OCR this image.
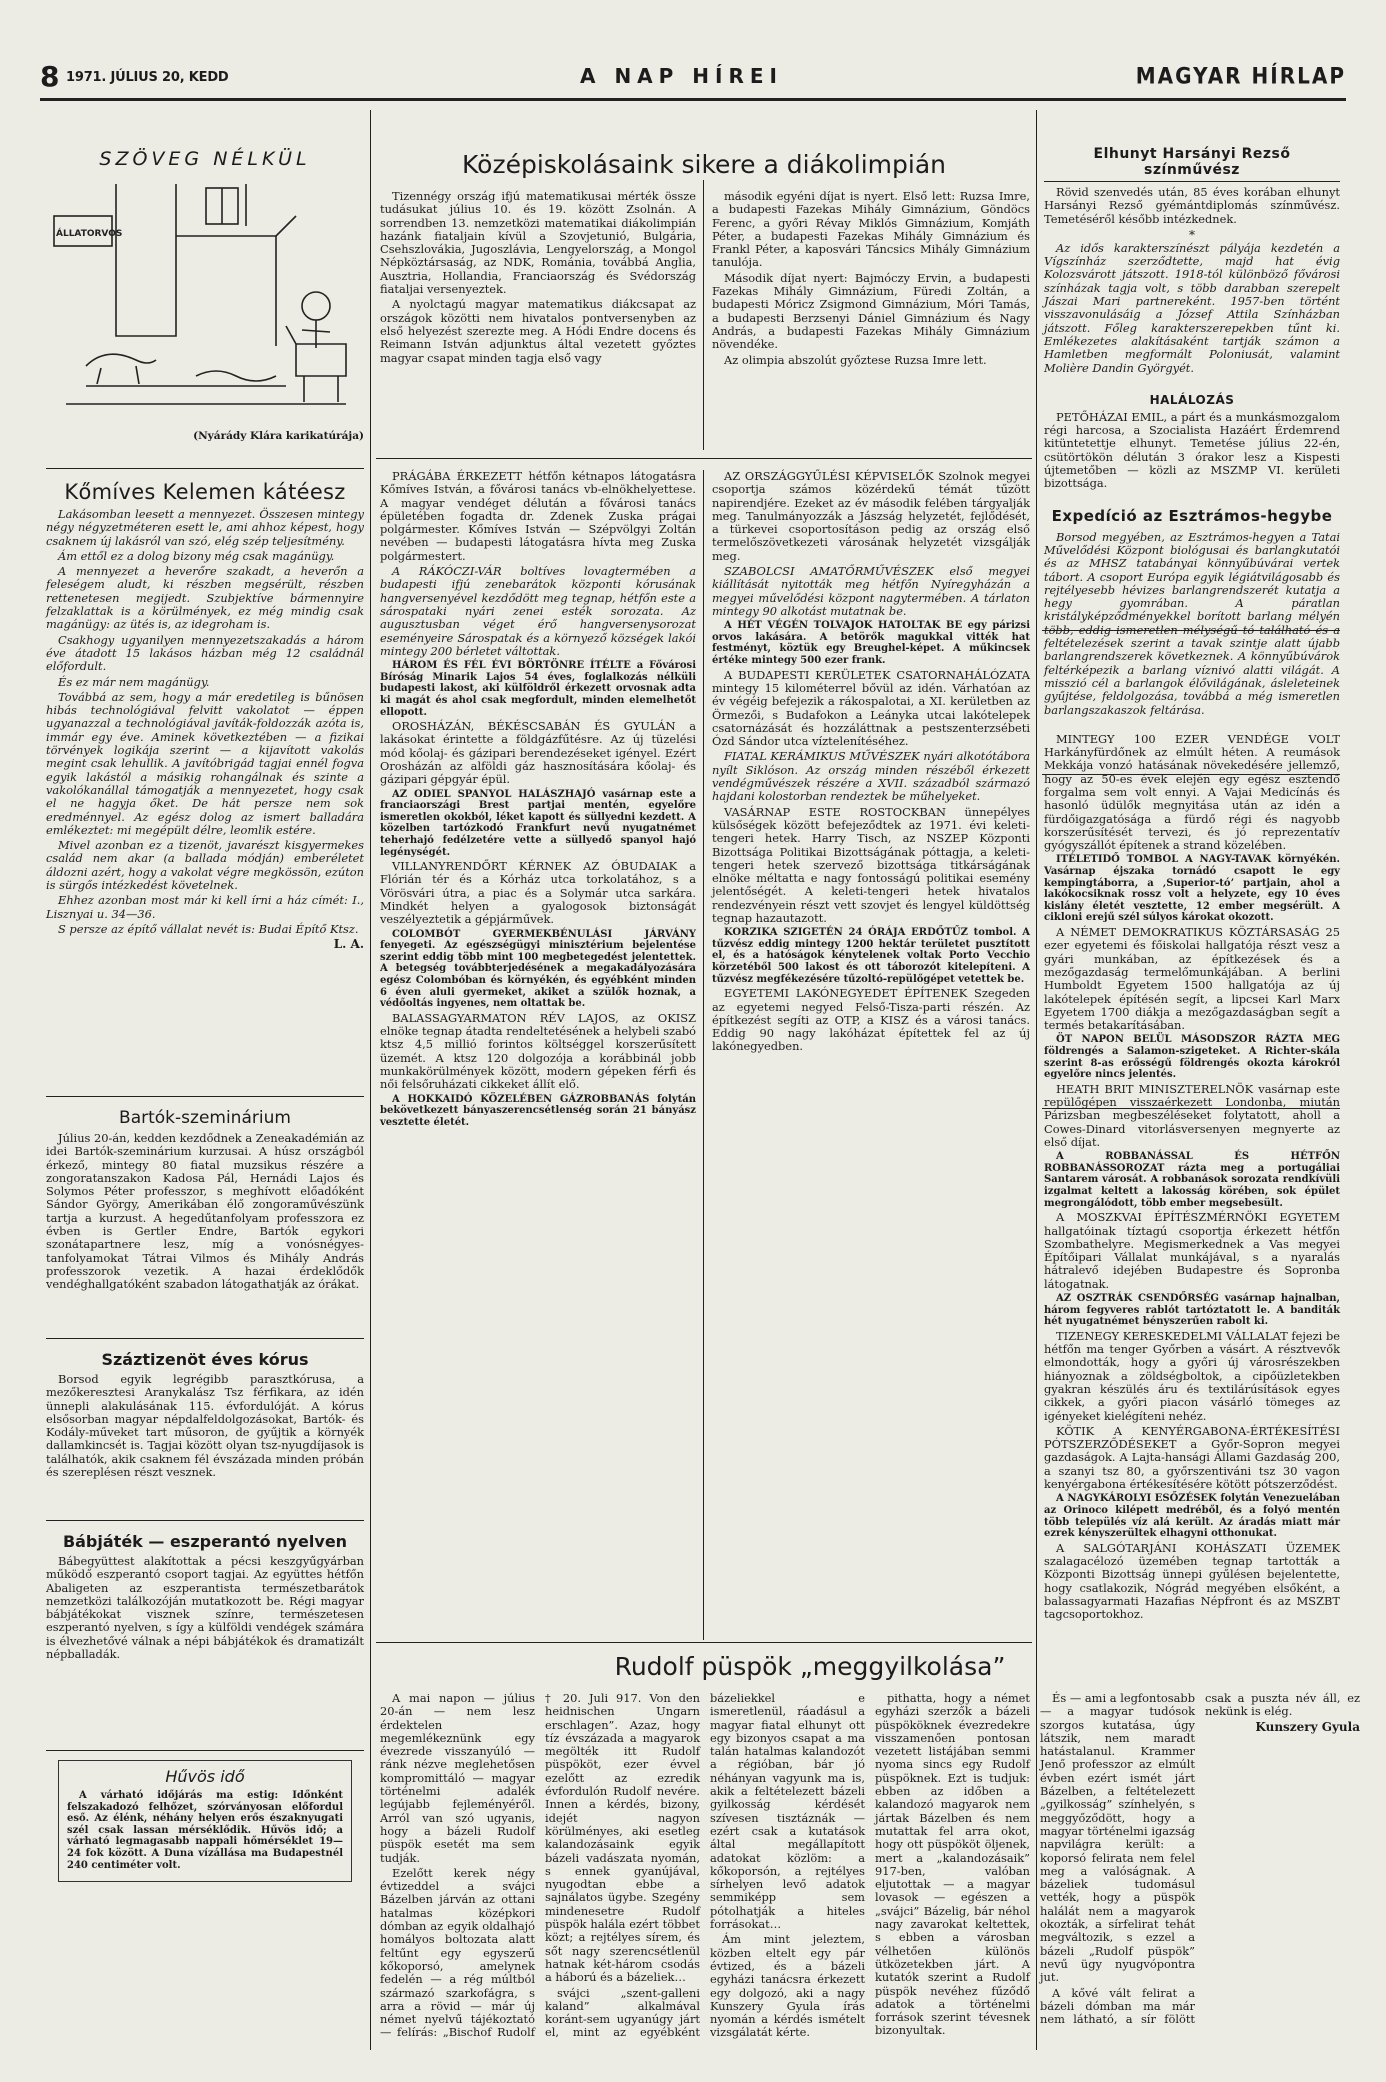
8 1971. JÚLIUS 20, KEDD	A NAP HÍREI	MAGYAR HÍRLAP
SZÖVEG NÉLKÜL
ÁLLATORVOS
(Nyárády Klára karikatúrája)
Kőmíves Kelemen kátéesz

Lakásomban leesett a mennyezet. Összesen mintegy négy négyzetméteren esett le, ami ahhoz képest, hogy csaknem új lakásról van szó, elég szép teljesítmény.

Ám ettől ez a dolog bizony még csak magánügy.

A mennyezet a heverőre szakadt, a heverőn a feleségem aludt, ki részben megsérült, részben rettenetesen megijedt. Szubjektíve bármennyire felzaklattak is a körülmények, ez még mindig csak magánügy: az ütés is, az idegroham is.

Csakhogy ugyanilyen mennyezetszakadás a három éve átadott 15 lakásos házban még 12 családnál előfordult.

És ez már nem magánügy.

Továbbá az sem, hogy a már eredetileg is bűnösen hibás technológiával felvitt vakolatot — éppen ugyanazzal a technológiával javíták-foldozzák azóta is, immár egy éve. Aminek következtében — a fizikai törvények logikája szerint — a kijavított vakolás megint csak lehullik. A javítóbrigád tagjai ennél fogva egyik lakástól a másikig rohangálnak és szinte a vakolókanállal támogatják a mennyezetet, hogy csak el ne hagyja őket. De hát persze nem sok eredménnyel. Az egész dolog az ismert balladára emlékeztet: mi megépült délre, leomlik estére.

Mivel azonban ez a tizenöt, javarészt kisgyermekes család nem akar (a ballada módján) emberéletet áldozni azért, hogy a vakolat végre megkössön, ezúton is sürgős intézkedést követelnek.

Ehhez azonban most már ki kell írni a ház címét: I., Lisznyai u. 34—36.

S persze az építő vállalat nevét is: Budai Építő Ktsz.

L. A.

Bartók-szeminárium

Július 20-án, kedden kezdődnek a Zeneakadémián az idei Bartók-szeminárium kurzusai. A húsz országból érkező, mintegy 80 fiatal muzsikus részére a zongoratanszakon Kadosa Pál, Hernádi Lajos és Solymos Péter professzor, s meghívott előadóként Sándor György, Amerikában élő zongoraművészünk tartja a kurzust. A hegedűtanfolyam professzora ez évben is Gertler Endre, Bartók egykori szonátapartnere lesz, míg a vonósnégyes-tanfolyamokat Tátrai Vilmos és Mihály András professzorok vezetik. A hazai érdeklődők vendéghallgatóként szabadon látogathatják az órákat.

Száztizenöt éves kórus

Borsod egyik legrégibb parasztkórusa, a mezőkeresztesi Aranykalász Tsz férfikara, az idén ünnepli alakulásának 115. évfordulóját. A kórus elsősorban magyar népdalfeldolgozásokat, Bartók- és Kodály-műveket tart műsoron, de gyűjtik a környék dallamkincsét is. Tagjai között olyan tsz-nyugdíjasok is találhatók, akik csaknem fél évszázada minden próbán és szereplésen részt vesznek.

Bábjáték — eszperantó nyelven

Bábegyüttest alakítottak a pécsi keszgyűgyárban működő eszperantó csoport tagjai. Az együttes hétfőn Abaligeten az eszperantista természetbarátok nemzetközi találkozóján mutatkozott be. Régi magyar bábjátékokat visznek színre, természetesen eszperantó nyelven, s így a külföldi vendégek számára is élvezhetővé válnak a népi bábjátékok és dramatizált népballadák.

Hűvös idő

A várható időjárás ma estig: Időnként felszakadozó felhőzet, szórványosan előfordul eső. Az élénk, néhány helyen erős északnyugati szél csak lassan mérséklődik. Hűvös idő; a várható legmagasabb nappali hőmérséklet 19—24 fok között. A Duna vízállása ma Budapestnél 240 centiméter volt.

Középiskolásaink sikere a diákolimpián

Tizennégy ország ifjú matematikusai mérték össze tudásukat július 10. és 19. között Zsolnán. A sorrendben 13. nemzetközi matematikai diákolimpián hazánk fiataljain kívül a Szovjetunió, Bulgária, Csehszlovákia, Jugoszlávia, Lengyelország, a Mongol Népköztársaság, az NDK, Románia, továbbá Anglia, Ausztria, Hollandia, Franciaország és Svédország fiataljai versenyeztek.

A nyolctagú magyar matematikus diákcsapat az országok közötti nem hivatalos pontversenyben az első helyezést szerezte meg. A Hódi Endre docens és Reimann István adjunktus által vezetett győztes magyar csapat minden tagja első vagy

második egyéni díjat is nyert. Első lett: Ruzsa Imre, a budapesti Fazekas Mihály Gimnázium, Göndöcs Ferenc, a győri Révay Miklós Gimnázium, Komjáth Péter, a budapesti Fazekas Mihály Gimnázium és Frankl Péter, a kaposvári Táncsics Mihály Gimnázium tanulója.

Második díjat nyert: Bajmóczy Ervin, a budapesti Fazekas Mihály Gimnázium, Füredi Zoltán, a budapesti Móricz Zsigmond Gimnázium, Móri Tamás, a budapesti Berzsenyi Dániel Gimnázium és Nagy András, a budapesti Fazekas Mihály Gimnázium növendéke.

Az olimpia abszolút győztese Ruzsa Imre lett.

PRÁGÁBA ÉRKEZETT hétfőn kétnapos látogatásra Kőmíves István, a fővárosi tanács vb-elnökhelyettese. A magyar vendéget délután a fővárosi tanács épületében fogadta dr. Zdenek Zuska prágai polgármester. Kőmíves István — Szépvölgyi Zoltán nevében — budapesti látogatásra hívta meg Zuska polgármestert.

A RÁKÓCZI-VÁR boltíves lovagtermében a budapesti ifjú zenebarátok központi kórusának hangversenyével kezdődött meg tegnap, hétfőn este a sárospataki nyári zenei esték sorozata. Az augusztusban véget érő hangversenysorozat eseményeire Sárospatak és a környező községek lakói mintegy 200 bérletet váltottak.

HÁROM ÉS FÉL ÉVI BÖRTÖNRE ÍTÉLTE a Fővárosi Bíróság Minarik Lajos 54 éves, foglalkozás nélküli budapesti lakost, aki külföldről érkezett orvosnak adta ki magát és ahol csak megfordult, minden elemelhetőt ellopott.

OROSHÁZÁN, BÉKÉSCSABÁN ÉS GYULÁN a lakásokat érintette a földgázfűtésre. Az új tüzelési mód kőolaj- és gázipari berendezéseket igényel. Ezért Orosházán az alföldi gáz hasznosítására kőolaj- és gázipari gépgyár épül.

AZ ODIEL SPANYOL HALÁSZHAJÓ vasárnap este a franciaországi Brest partjai mentén, egyelőre ismeretlen okokból, léket kapott és süllyedni kezdett. A közelben tartózkodó Frankfurt nevű nyugatnémet teherhajó fedélzetére vette a süllyedő spanyol hajó legénységét.

VILLANYRENDŐRT KÉRNEK AZ ÓBUDAIAK a Flórián tér és a Kórház utca torkolatához, s a Vörösvári útra, a piac és a Solymár utca sarkára. Mindkét helyen a gyalogosok biztonságát veszélyeztetik a gépjárművek.

COLOMBÓT GYERMEKBÉNULÁSI JÁRVÁNY fenyegeti. Az egészségügyi minisztérium bejelentése szerint eddig több mint 100 megbetegedést jelentettek. A betegség továbbterjedésének a megakadályozására egész Colombóban és környékén, és egyébként minden 6 éven aluli gyermeket, akiket a szülők hoznak, a védőoltás ingyenes, nem oltattak be.

BALASSAGYARMATON RÉV LAJOS, az OKISZ elnöke tegnap átadta rendeltetésének a helybeli szabó ktsz 4,5 millió forintos költséggel korszerűsített üzemét. A ktsz 120 dolgozója a korábbinál jobb munkakörülmények között, modern gépeken férfi és női felsőruházati cikkeket állít elő.

A HOKKAIDÓ KÖZELÉBEN GÁZROBBANÁS folytán bekövetkezett bányaszerencsétlenség során 21 bányász vesztette életét.

AZ ORSZÁGGYŰLÉSI KÉPVISELŐK Szolnok megyei csoportja számos közérdekű témát tűzött napirendjére. Ezeket az év második felében tárgyalják meg. Tanulmányozzák a Jászság helyzetét, fejlődését, a türkevei csoportosításon pedig az ország első termelőszövetkezeti városának helyzetét vizsgálják meg.

SZABOLCSI AMATŐRMŰVÉSZEK első megyei kiállítását nyitották meg hétfőn Nyíregyházán a megyei művelődési központ nagytermében. A tárlaton mintegy 90 alkotást mutatnak be.

A HÉT VÉGÉN TOLVAJOK HATOLTAK BE egy párizsi orvos lakására. A betörők magukkal vitték hat festményt, köztük egy Breughel-képet. A műkincsek értéke mintegy 500 ezer frank.

A BUDAPESTI KERÜLETEK CSATORNAHÁLÓZATA mintegy 15 kilométerrel bővül az idén. Várhatóan az év végéig befejezik a rákospalotai, a XI. kerületben az Örmezői, s Budafokon a Leányka utcai lakótelepek csatornázását és hozzáláttnak a pestszenterzsébeti Ózd Sándor utca víztelenítéséhez.

FIATAL KERÁMIKUS MŰVÉSZEK nyári alkotótábora nyílt Siklóson. Az ország minden részéből érkezett vendégművészek részére a XVII. századból származó hajdani kolostorban rendeztek be műhelyeket.

VASÁRNAP ESTE ROSTOCKBAN ünnepélyes külsőségek között befejeződtek az 1971. évi keleti-tengeri hetek. Harry Tisch, az NSZEP Központi Bizottsága Politikai Bizottságának póttagja, a keleti-tengeri hetek szervező bizottsága titkárságának elnöke méltatta e nagy fontosságú politikai esemény jelentőségét. A keleti-tengeri hetek hivatalos rendezvényein részt vett szovjet és lengyel küldöttség tegnap hazautazott.

KORZIKA SZIGETÉN 24 ÓRÁJA ERDŐTŰZ tombol. A tűzvész eddig mintegy 1200 hektár területet pusztított el, és a hatóságok kénytelenek voltak Porto Vecchio körzetéből 500 lakost és ott táborozót kitelepíteni. A tűzvész megfékezésére tűzoltó-repülőgépet vetettek be.

EGYETEMI LAKÓNEGYEDET ÉPÍTENEK Szegeden az egyetemi negyed Felső-Tisza-parti részén. Az építkezést segíti az OTP, a KISZ és a városi tanács. Eddig 90 nagy lakóházat építettek fel az új lakónegyedben.

Rudolf püspök „meggyilkolása”

A mai napon — július 20-án — nem lesz érdektelen megemlékeznünk egy évezrede visszanyúló — ránk nézve meglehetősen kompromittáló — magyar történelmi adalék legújabb fejleményéről. Arról van szó ugyanis, hogy a bázeli Rudolf püspök esetét ma sem tudják.

Ezelőtt kerek négy évtizeddel a svájci Bázelben járván az ottani hatalmas középkori dómban az egyik oldalhajó homályos boltozata alatt feltűnt egy egyszerű kőkoporsó, amelynek fedelén — a rég múltból származó szarkofágra, s arra a rövid — már új német nyelvű tájékoztató — felírás: „Bischof Rudolf † 20. Juli 917. Von den heidnischen Ungarn erschlagen”. Azaz, hogy tíz évszázada a magyarok megölték itt Rudolf püspököt, ezer évvel ezelőtt az ezredik évfordulón Rudolf nevére. Innen a kérdés, bizony, idejét nagyon körülményes, aki esetleg kalandozásaink egyik bázeli vadászata nyomán, s ennek gyanújával, nyugodtan ebbe a sajnálatos ügybe. Szegény mindenesetre Rudolf püspök halála ezért többet közt; a rejtélyes sírem, és sőt nagy szerencsétlenül hatnak két-három csodás a háború és a bázeliek…

svájci „szent-galleni kaland” alkalmával koránt-sem ugyanúgy járt el, mint az egyébként bázeliekkel e ismeretlenül, ráadásul a magyar fiatal elhunyt ott egy bizonyos csapat a ma talán hatalmas kalandozót a régióban, bár jó néhányan vagyunk ma is, akik a feltételezett bázeli gyilkosság kérdését szívesen tisztáznák — ezért csak a kutatások által megállapított adatokat közlöm: a kőkoporsón, a rejtélyes sírhelyen levő adatok semmiképp sem pótolhatják a hiteles forrásokat…

Ám mint jeleztem, közben eltelt egy pár évtized, és a bázeli egyházi tanácsra érkezett egy dolgozó, aki a nagy Kunszery Gyula írás nyomán a kérdés ismételt vizsgálatát kérte.

pithatta, hogy a német egyházi szerzők a bázeli püspököknek évezredekre visszamenően pontosan vezetett listájában semmi nyoma sincs egy Rudolf püspöknek. Ezt is tudjuk: ebben az időben a kalandozó magyarok nem jártak Bázelben és nem mutattak fel arra okot, hogy ott püspököt öljenek, mert a „kalandozásaik” 917-ben, valóban eljutottak — a magyar lovasok — egészen a „svájci” Bázelig, bár néhol nagy zavarokat keltettek, s ebben a városban vélhetően különös ütközetekben járt. A kutatók szerint a Rudolf püspök nevéhez fűződő adatok a történelmi források szerint tévesnek bizonyultak.

És — ami a legfontosabb — a magyar tudósok szorgos kutatása, úgy látszik, nem maradt hatástalanul. Krammer Jenő professzor az elmúlt évben ezért ismét járt Bázelben, a feltételezett „gyilkosság” színhelyén, s meggyőződött, hogy a magyar történelmi igazság napvilágra került: a koporsó felirata nem felel meg a valóságnak. A bázeliek tudomásul vették, hogy a püspök halálát nem a magyarok okozták, a sírfelirat tehát megváltozik, s ezzel a bázeli „Rudolf püspök” nevű ügy nyugvópontra jut.

A kővé vált felirat a bázeli dómban ma már nem látható, a sír fölött csak a puszta név áll, ez nekünk is elég.

Kunszery Gyula

Elhunyt Harsányi Rezső színművész

Rövid szenvedés után, 85 éves korában elhunyt Harsányi Rezső gyémántdiplomás színművész. Temetéséről később intézkednek.

*

Az idős karakterszínészt pályája kezdetén a Vígszínház szerződtette, majd hat évig Kolozsvárott játszott. 1918-tól különböző fővárosi színházak tagja volt, s több darabban szerepelt Jászai Mari partnereként. 1957-ben történt visszavonulásáig a József Attila Színházban játszott. Főleg karakterszerepekben tűnt ki. Emlékezetes alakításaként tartják számon a Hamletben megformált Poloniusát, valamint Molière Dandin Györgyét.

HALÁLOZÁS

PETŐHÁZAI EMIL, a párt és a munkásmozgalom régi harcosa, a Szocialista Hazáért Érdemrend kitüntetettje elhunyt. Temetése július 22-én, csütörtökön délután 3 órakor lesz a Kispesti újtemetőben — közli az MSZMP VI. kerületi bizottsága.

Expedíció az Esztrámos-hegybe

Borsod megyében, az Esztrámos-hegyen a Tatai Művelődési Központ biológusai és barlangkutatói és az MHSZ tatabányai könnyűbúvárai vertek tábort. A csoport Európa egyik légiátvilágosabb és rejtélyesebb hévizes barlangrendszerét kutatja a hegy gyomrában. A páratlan kristályképződményekkel borított barlang mélyén több, eddig ismeretlen mélységű tó található és a feltételezések szerint a tavak szintje alatt újabb barlangrendszerek következnek. A könnyűbúvárok feltérképezik a barlang víznivó alatti világát. A misszió cél a barlangok élővilágának, ásleleteinek gyűjtése, feldolgozása, továbbá a még ismeretlen barlangszakaszok feltárása.

MINTEGY 100 EZER VENDÉGE VOLT Harkányfürdőnek az elmúlt héten. A reumások Mekkája vonzó hatásának növekedésére jellemző, hogy az 50-es évek elején egy egész esztendő forgalma sem volt ennyi. A Vajai Medicínás és hasonló üdülők megnyitása után az idén a fürdőigazgatósága a fürdő régi és nagyobb korszerűsítését tervezi, és jó reprezentatív gyógyszállót építenek a strand közelében.

ITÉLETIDŐ TOMBOL A NAGY-TAVAK környékén. Vasárnap éjszaka tornádó csapott le egy kempingtáborra, a ‚Superior-tó’ partjain, ahol a lakókocsiknak rossz volt a helyzete, egy 10 éves kislány életét vesztette, 12 ember megsérült. A cikloni erejű szél súlyos károkat okozott.

A NÉMET DEMOKRATIKUS KÖZTÁRSASÁG 25 ezer egyetemi és főiskolai hallgatója részt vesz a gyári munkában, az építkezések és a mezőgazdaság termelőmunkájában. A berlini Humboldt Egyetem 1500 hallgatója az új lakótelepek építésén segít, a lipcsei Karl Marx Egyetem 1700 diákja a mezőgazdaságban segít a termés betakarításában.

ÖT NAPON BELÜL MÁSODSZOR RÁZTA MEG földrengés a Salamon-szigeteket. A Richter-skála szerint 8-as erősségű földrengés okozta károkról egyelőre nincs jelentés.

HEATH BRIT MINISZTERELNÖK vasárnap este repülőgépen visszaérkezett Londonba, miután Párizsban megbeszéléseket folytatott, aholl a Cowes-Dinard vitorlásversenyen megnyerte az első díjat.

A ROBBANÁSSAL ÉS HÉTFŐN ROBBANÁSSOROZAT rázta meg a portugáliai Santarem városát. A robbanások sorozata rendkívüli izgalmat keltett a lakosság körében, sok épület megrongálódott, több ember megsebesült.

A MOSZKVAI ÉPÍTÉSZMÉRNÖKI EGYETEM hallgatóinak tíztagú csoportja érkezett hétfőn Szombathelyre. Megismerkednek a Vas megyei Építőipari Vállalat munkájával, s a nyaralás hátralevő idejében Budapestre és Sopronba látogatnak.

AZ OSZTRÁK CSENDŐRSÉG vasárnap hajnalban, három fegyveres rablót tartóztatott le. A banditák hét nyugatnémet bényszerűen rabolt ki.

TIZENEGY KERESKEDELMI VÁLLALAT fejezi be hétfőn ma tenger Győrben a vásárt. A résztvevők elmondották, hogy a győri új városrészekben hiányoznak a zöldségboltok, a cipőüzletekben gyakran készülés áru és textilárúsítások egyes cikkek, a győri piacon vásárló tömeges az igényeket kielégíteni nehéz.

KÖTIK A KENYÉRGABONA-ÉRTÉKESÍTÉSI PÓTSZERZŐDÉSEKET a Győr-Sopron megyei gazdaságok. A Lajta-hansági Állami Gazdaság 200, a szanyi tsz 80, a győrszentiváni tsz 30 vagon kenyérgabona értékesítésére kötött pótszerződést.

A NAGYKÁROLYI ESŐZÉSEK folytán Venezuelában az Orinoco kilépett medréből, és a folyó mentén több település víz alá került. Az áradás miatt már ezrek kényszerültek elhagyni otthonukat.

A SALGÓTARJÁNI KOHÁSZATI ÜZEMEK szalagacélozó üzemében tegnap tartották a Központi Bizottság ünnepi gyűlésen bejelentette, hogy csatlakozik, Nógrád megyében elsőként, a balassagyarmati Hazafias Népfront és az MSZBT tagcsoportokhoz.
